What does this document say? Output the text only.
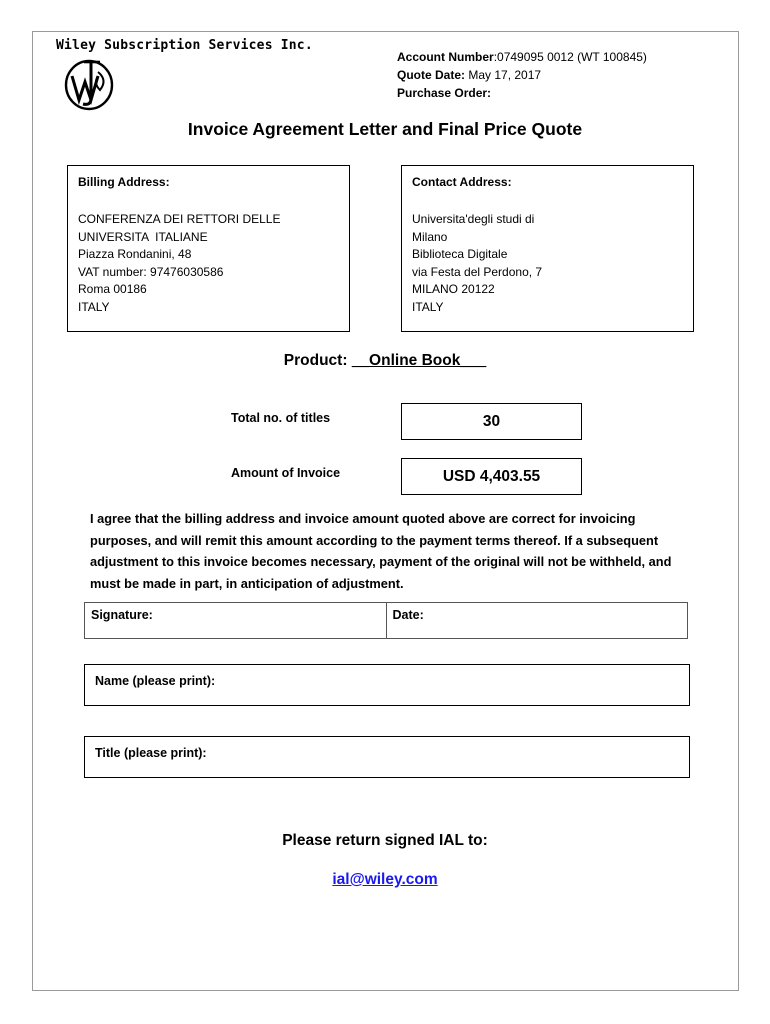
Wiley Subscription Services Inc.
Account Number:0749095 0012 (WT 100845)
Quote Date: May 17, 2017
Purchase Order:
Invoice Agreement Letter and Final Price Quote
Billing Address:
CONFERENZA DEI RETTORI DELLE
UNIVERSITA  ITALIANE
Piazza Rondanini, 48
VAT number: 97476030586
Roma 00186
ITALY
Contact Address:
Universita'degli studi di
Milano
Biblioteca Digitale
via Festa del Perdono, 7
MILANO 20122
ITALY
Product: __Online Book___
Total no. of titles	30
Amount of Invoice	USD 4,403.55
I agree that the billing address and invoice amount quoted above are correct for invoicing purposes, and will remit this amount according to the payment terms thereof. If a subsequent adjustment to this invoice becomes necessary, payment of the original will not be withheld, and must be made in part, in anticipation of adjustment.
Signature:	Date:
Name (please print):
Title (please print):
Please return signed IAL to:
ial@wiley.com
